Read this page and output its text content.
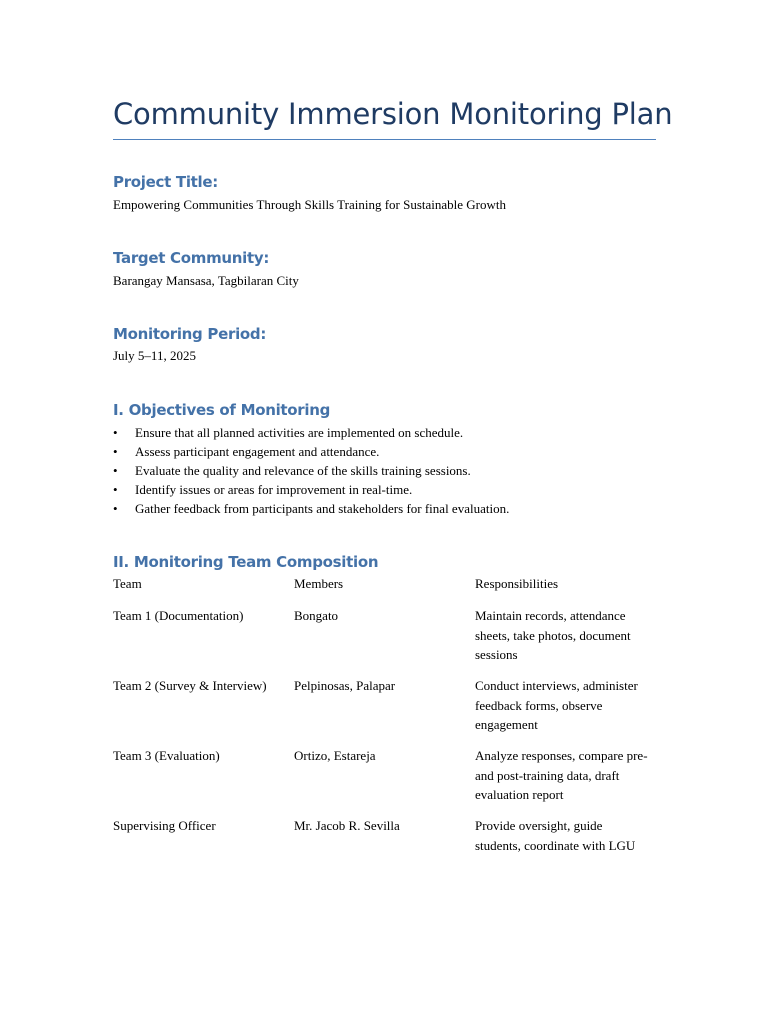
Community Immersion Monitoring Plan
Project Title:

Empowering Communities Through Skills Training for Sustainable Growth

Target Community:

Barangay Mansasa, Tagbilaran City

Monitoring Period:

July 5–11, 2025

I. Objectives of Monitoring
• Ensure that all planned activities are implemented on schedule.
• Assess participant engagement and attendance.
• Evaluate the quality and relevance of the skills training sessions.
• Identify issues or areas for improvement in real-time.
• Gather feedback from participants and stakeholders for final evaluation.
II. Monitoring Team Composition
Team	Members	Responsibilities
Team 1 (Documentation)	Bongato	Maintain records, attendance sheets, take photos, document sessions
Team 2 (Survey & Interview)	Pelpinosas, Palapar	Conduct interviews, administer feedback forms, observe engagement
Team 3 (Evaluation)	Ortizo, Estareja	Analyze responses, compare pre- and post-training data, draft evaluation report
Supervising Officer	Mr. Jacob R. Sevilla	Provide oversight, guide students, coordinate with LGU
